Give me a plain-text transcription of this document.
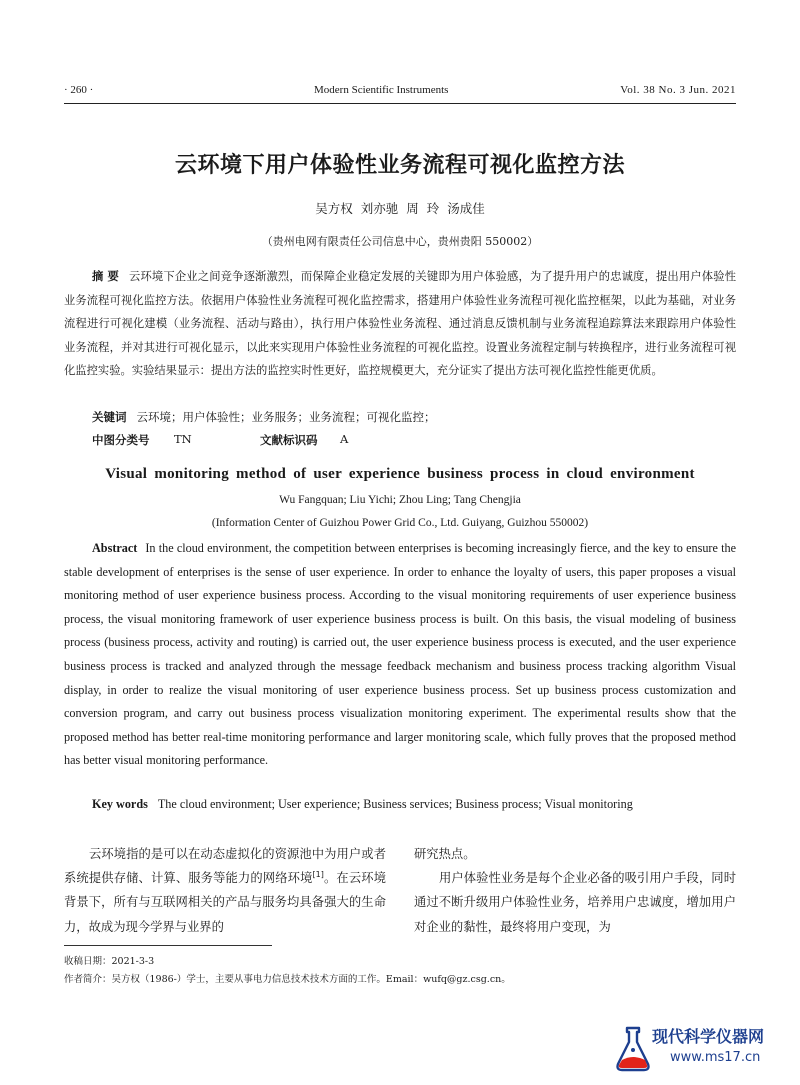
· 260 ·	Modern Scientific Instruments	Vol. 38 No. 3 Jun. 2021
云环境下用户体验性业务流程可视化监控方法
吴方权 刘亦驰 周 玲 汤成佳
（贵州电网有限责任公司信息中心，贵州贵阳 550002）
摘 要 云环境下企业之间竞争逐渐激烈，而保障企业稳定发展的关键即为用户体验感，为了提升用户的忠诚度，提出用户体验性业务流程可视化监控方法。依据用户体验性业务流程可视化监控需求，搭建用户体验性业务流程可视化监控框架，以此为基础，对业务流程进行可视化建模（业务流程、活动与路由），执行用户体验性业务流程、通过消息反馈机制与业务流程追踪算法来跟踪用户体验性业务流程，并对其进行可视化显示，以此来实现用户体验性业务流程的可视化监控。设置业务流程定制与转换程序，进行业务流程可视化监控实验。实验结果显示：提出方法的监控实时性更好，监控规模更大，充分证实了提出方法可视化监控性能更优质。
关键词 云环境；用户体验性；业务服务；业务流程；可视化监控；
中图分类号 TN	文献标识码 A
Visual monitoring method of user experience business process in cloud environment
Wu Fangquan; Liu Yichi; Zhou Ling; Tang Chengjia
(Information Center of Guizhou Power Grid Co., Ltd. Guiyang, Guizhou 550002)
Abstract In the cloud environment, the competition between enterprises is becoming increasingly fierce, and the key to ensure the stable development of enterprises is the sense of user experience. In order to enhance the loyalty of users, this paper proposes a visual monitoring method of user experience business process. According to the visual monitoring requirements of user experience business process, the visual monitoring framework of user experience business process is built. On this basis, the visual modeling of business process (business process, activity and routing) is carried out, the user experience business process is executed, and the user experience business process is tracked and analyzed through the message feedback mechanism and business process tracking algorithm Visual display, in order to realize the visual monitoring of user experience business process. Set up business process customization and conversion program, and carry out business process visualization monitoring experiment. The experimental results show that the proposed method has better real-time monitoring performance and larger monitoring scale, which fully proves that the proposed method has better visual monitoring performance.
Key words The cloud environment; User experience; Business services; Business process; Visual monitoring
云环境指的是可以在动态虚拟化的资源池中为用户或者系统提供存储、计算、服务等能力的网络环境[1]。在云环境背景下，所有与互联网相关的产品与服务均具备强大的生命力，故成为现今学界与业界的
研究热点。
用户体验性业务是每个企业必备的吸引用户手段，同时通过不断升级用户体验性业务，培养用户忠诚度，增加用户对企业的黏性，最终将用户变现，为
收稿日期：2021-3-3
作者简介：吴方权（1986-）学士，主要从事电力信息技术技术方面的工作。Email：wufq@gz.csg.cn。
现代科学仪器网
www.ms17.cn
